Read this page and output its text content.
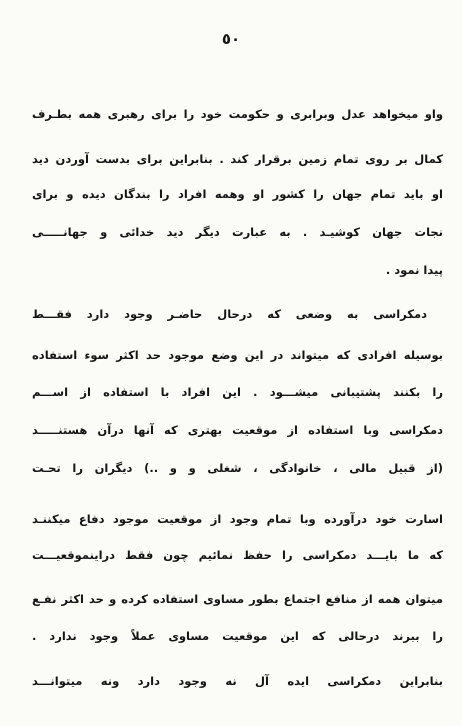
٥٠
واو میخواهد عدل وبرابری و حکومت خود را برای رهبری همه بطـرف
کمال بر روی تمام زمین برقرار کند . بنابراین برای بدست آوردن دید
او باید تمام جهان را کشور او وهمه افراد را بندگان دیده و برای
نجات جهان کوشیـد . به عبارت دیگر دید خدائی و جهانـــــی
پیدا نمود .
دمکراسی به وضعی که درحال حاضـر وجود دارد فقـــط
بوسیله افرادی که میتواند در این وضع موجود حد اکثر سوء استفاده
را بکنند پشتیبانی میشـــود . این افراد با استفاده از اســـم
دمکراسی وبا استفاده از موقعیت بهتری که آنها درآن هستنـــــد
(از قبیل مالی ، خانوادگی ، شغلی و و ..) دیگران را تحـت
اسارت خود درآورده وبا تمام وجود از موقعیت موجود دفاع میکننـد
که ما بایـــد دمکراسی را حفظ نمائیم چون فقط دراینموقعیـــت
میتوان همه از منافع اجتماع بطور مساوی استفاده کرده و حد اکثر نفـع
را ببرند درحالی که این موقعیت مساوی عملاً وجود ندارد .
بنابراین دمکراسی ایده آل نه وجود دارد ونه میتوانـــد
